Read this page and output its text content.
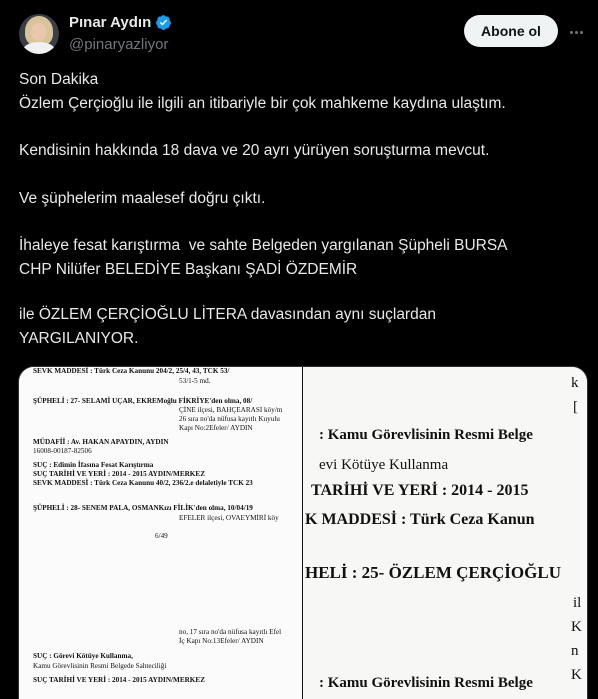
Pınar Aydın
@pinaryazliyor
Abone ol

Son Dakika

Özlem Çerçioğlu ile ilgili an itibariyle bir çok mahkeme kaydına ulaştım.

Kendisinin hakkında 18 dava ve 20 ayrı yürüyen soruşturma mevcut.

Ve şüphelerim maalesef doğru çıktı.

İhaleye fesat karıştırma  ve sahte Belgeden yargılanan Şüpheli BURSA

CHP Nilüfer BELEDİYE Başkanı ŞADİ ÖZDEMİR

ile ÖZLEM ÇERÇİOĞLU LİTERA davasından aynı suçlardan

YARGILANIYOR.

SEVK MADDESİ : Türk Ceza Kanunu 204/2, 25/4, 43, TCK 53/
53/1-5 md.
ŞÜPHELİ : 27- SELAMİ UÇAR, EKREMoğlu FİKRİYE'den olma, 08/
ÇİNE ilçesi, BAHÇEARASI köy/m
26 sıra no'da nüfusa kayıtlı Kuyulu
Kapı No:2Efeler/ AYDIN
MÜDAFİİ : Av. HAKAN APAYDIN, AYDIN
16008-00187-82506
SUÇ : Edimin İfasına Fesat Karıştırma
SUÇ TARİHİ VE YERİ : 2014 - 2015 AYDIN/MERKEZ
SEVK MADDESİ : Türk Ceza Kanunu 40/2, 236/2.e delaletiyle TCK 23
ŞÜPHELİ : 28- SENEM PALA, OSMANKızı FİLİK'den olma, 10/04/19
EFELER ilçesi, OVAEYMİRİ köy
6/49
no, 17 sıra no'da nüfusa kayıtlı Efel
İç Kapı No:13Efeler/ AYDIN
SUÇ : Görevi Kötüye Kullanma,
Kamu Görevlisinin Resmi Belgede Sahteciliği
SUÇ TARİHİ VE YERİ : 2014 - 2015 AYDIN/MERKEZ
k
[
: Kamu Görevlisinin Resmi Belge
evi Kötüye Kullanma
TARİHİ VE YERİ : 2014 - 2015
K MADDESİ : Türk Ceza Kanun
HELİ : 25- ÖZLEM ÇERÇİOĞLU
il
K
n
K
: Kamu Görevlisinin Resmi Belge
